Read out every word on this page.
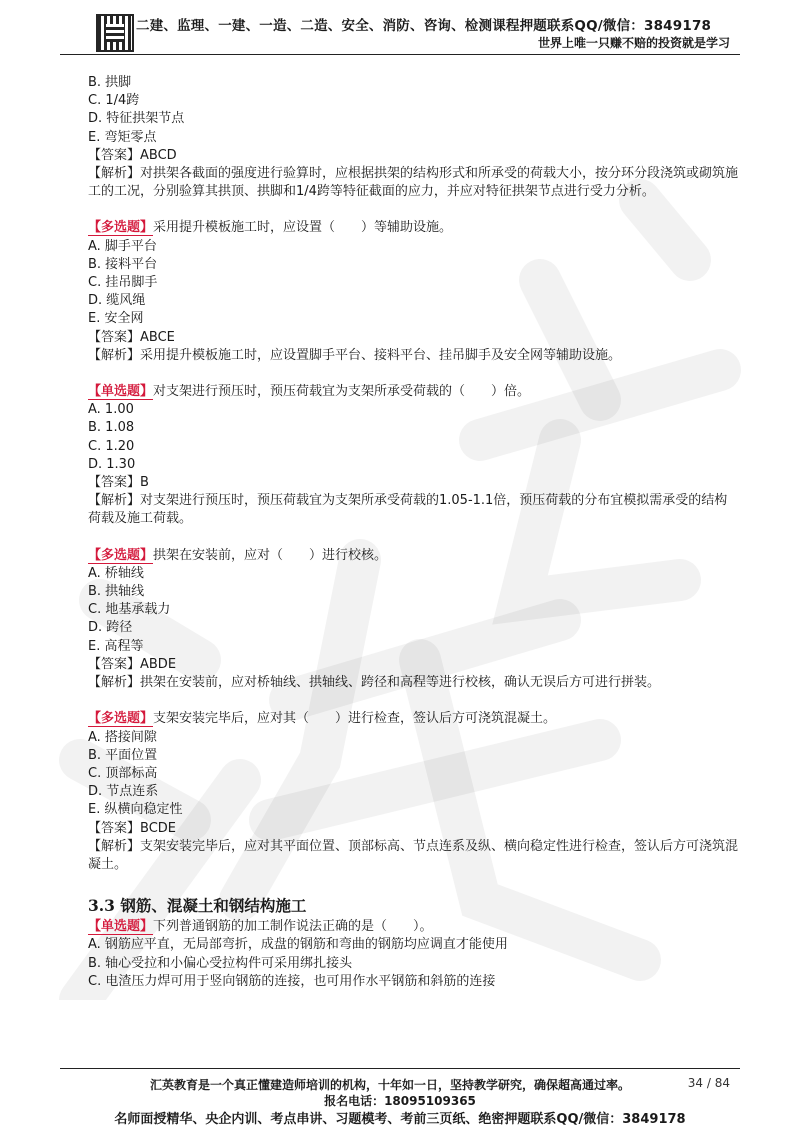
二建、监理、一建、一造、二造、安全、消防、咨询、检测课程押题联系QQ/微信：3849178
世界上唯一只赚不赔的投资就是学习
B. 拱脚
C. 1/4跨
D. 特征拱架节点
E. 弯矩零点
【答案】ABCD
【解析】对拱架各截面的强度进行验算时，应根据拱架的结构形式和所承受的荷载大小，按分环分段浇筑或砌筑施工的工况，分别验算其拱顶、拱脚和1/4跨等特征截面的应力，并应对特征拱架节点进行受力分析。
【多选题】采用提升模板施工时，应设置（　　）等辅助设施。
A. 脚手平台
B. 接料平台
C. 挂吊脚手
D. 缆风绳
E. 安全网
【答案】ABCE
【解析】采用提升模板施工时，应设置脚手平台、接料平台、挂吊脚手及安全网等辅助设施。
【单选题】对支架进行预压时，预压荷载宜为支架所承受荷载的（　　）倍。
A. 1.00
B. 1.08
C. 1.20
D. 1.30
【答案】B
【解析】对支架进行预压时，预压荷载宜为支架所承受荷载的1.05-1.1倍，预压荷载的分布宜模拟需承受的结构荷载及施工荷载。
【多选题】拱架在安装前，应对（　　）进行校核。
A. 桥轴线
B. 拱轴线
C. 地基承载力
D. 跨径
E. 高程等
【答案】ABDE
【解析】拱架在安装前，应对桥轴线、拱轴线、跨径和高程等进行校核，确认无误后方可进行拼装。
【多选题】支架安装完毕后，应对其（　　）进行检查，签认后方可浇筑混凝土。
A. 搭接间隙
B. 平面位置
C. 顶部标高
D. 节点连系
E. 纵横向稳定性
【答案】BCDE
【解析】支架安装完毕后，应对其平面位置、顶部标高、节点连系及纵、横向稳定性进行检查，签认后方可浇筑混凝土。
3.3 钢筋、混凝土和钢结构施工
【单选题】下列普通钢筋的加工制作说法正确的是（　　）。
A. 钢筋应平直，无局部弯折，成盘的钢筋和弯曲的钢筋均应调直才能使用
B. 轴心受拉和小偏心受拉构件可采用绑扎接头
C. 电渣压力焊可用于竖向钢筋的连接，也可用作水平钢筋和斜筋的连接
汇英教育是一个真正懂建造师培训的机构，十年如一日，坚持教学研究，确保超高通过率。	34 / 84
报名电话：18095109365
名师面授精华、央企内训、考点串讲、习题模考、考前三页纸、绝密押题联系QQ/微信：3849178
